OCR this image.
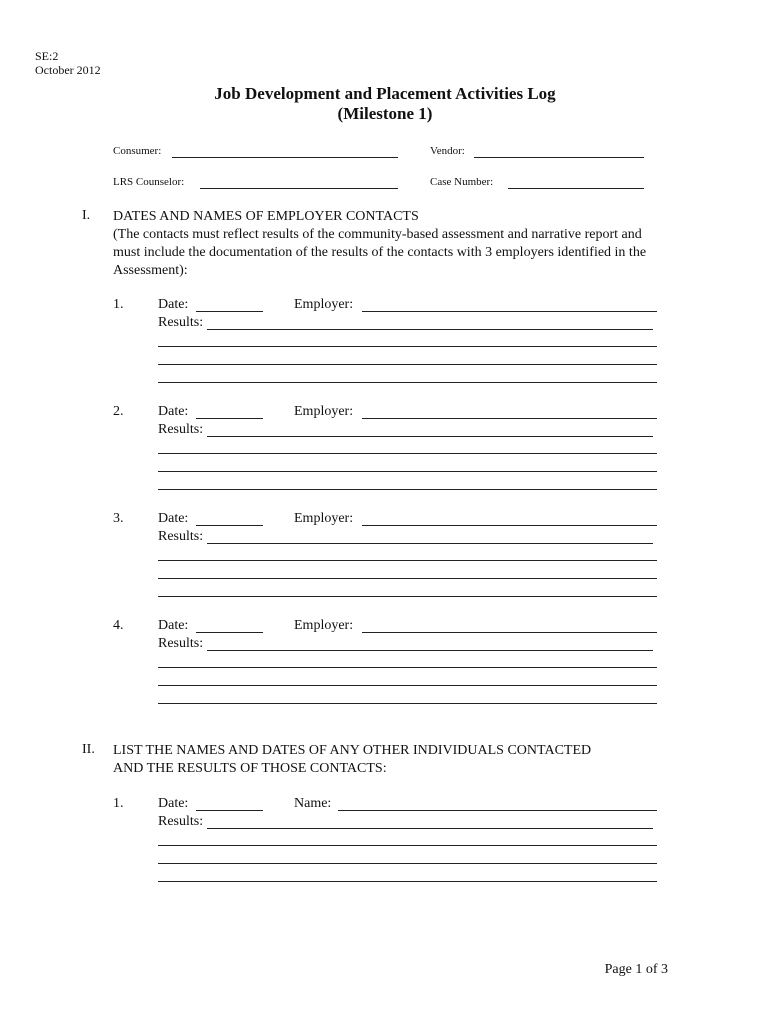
SE:2
October 2012
Job Development and Placement Activities Log
(Milestone 1)
Consumer:	Vendor:
LRS Counselor:	Case Number:
I. DATES AND NAMES OF EMPLOYER CONTACTS
(The contacts must reflect results of the community-based assessment and narrative report and must include the documentation of the results of the contacts with 3 employers identified in the Assessment):
1. Date:	Employer:
Results:
2. Date:	Employer:
Results:
3. Date:	Employer:
Results:
4. Date:	Employer:
Results:
II. LIST THE NAMES AND DATES OF ANY OTHER INDIVIDUALS CONTACTED
AND THE RESULTS OF THOSE CONTACTS:
1. Date:	Name:
Results:
Page 1 of 3
